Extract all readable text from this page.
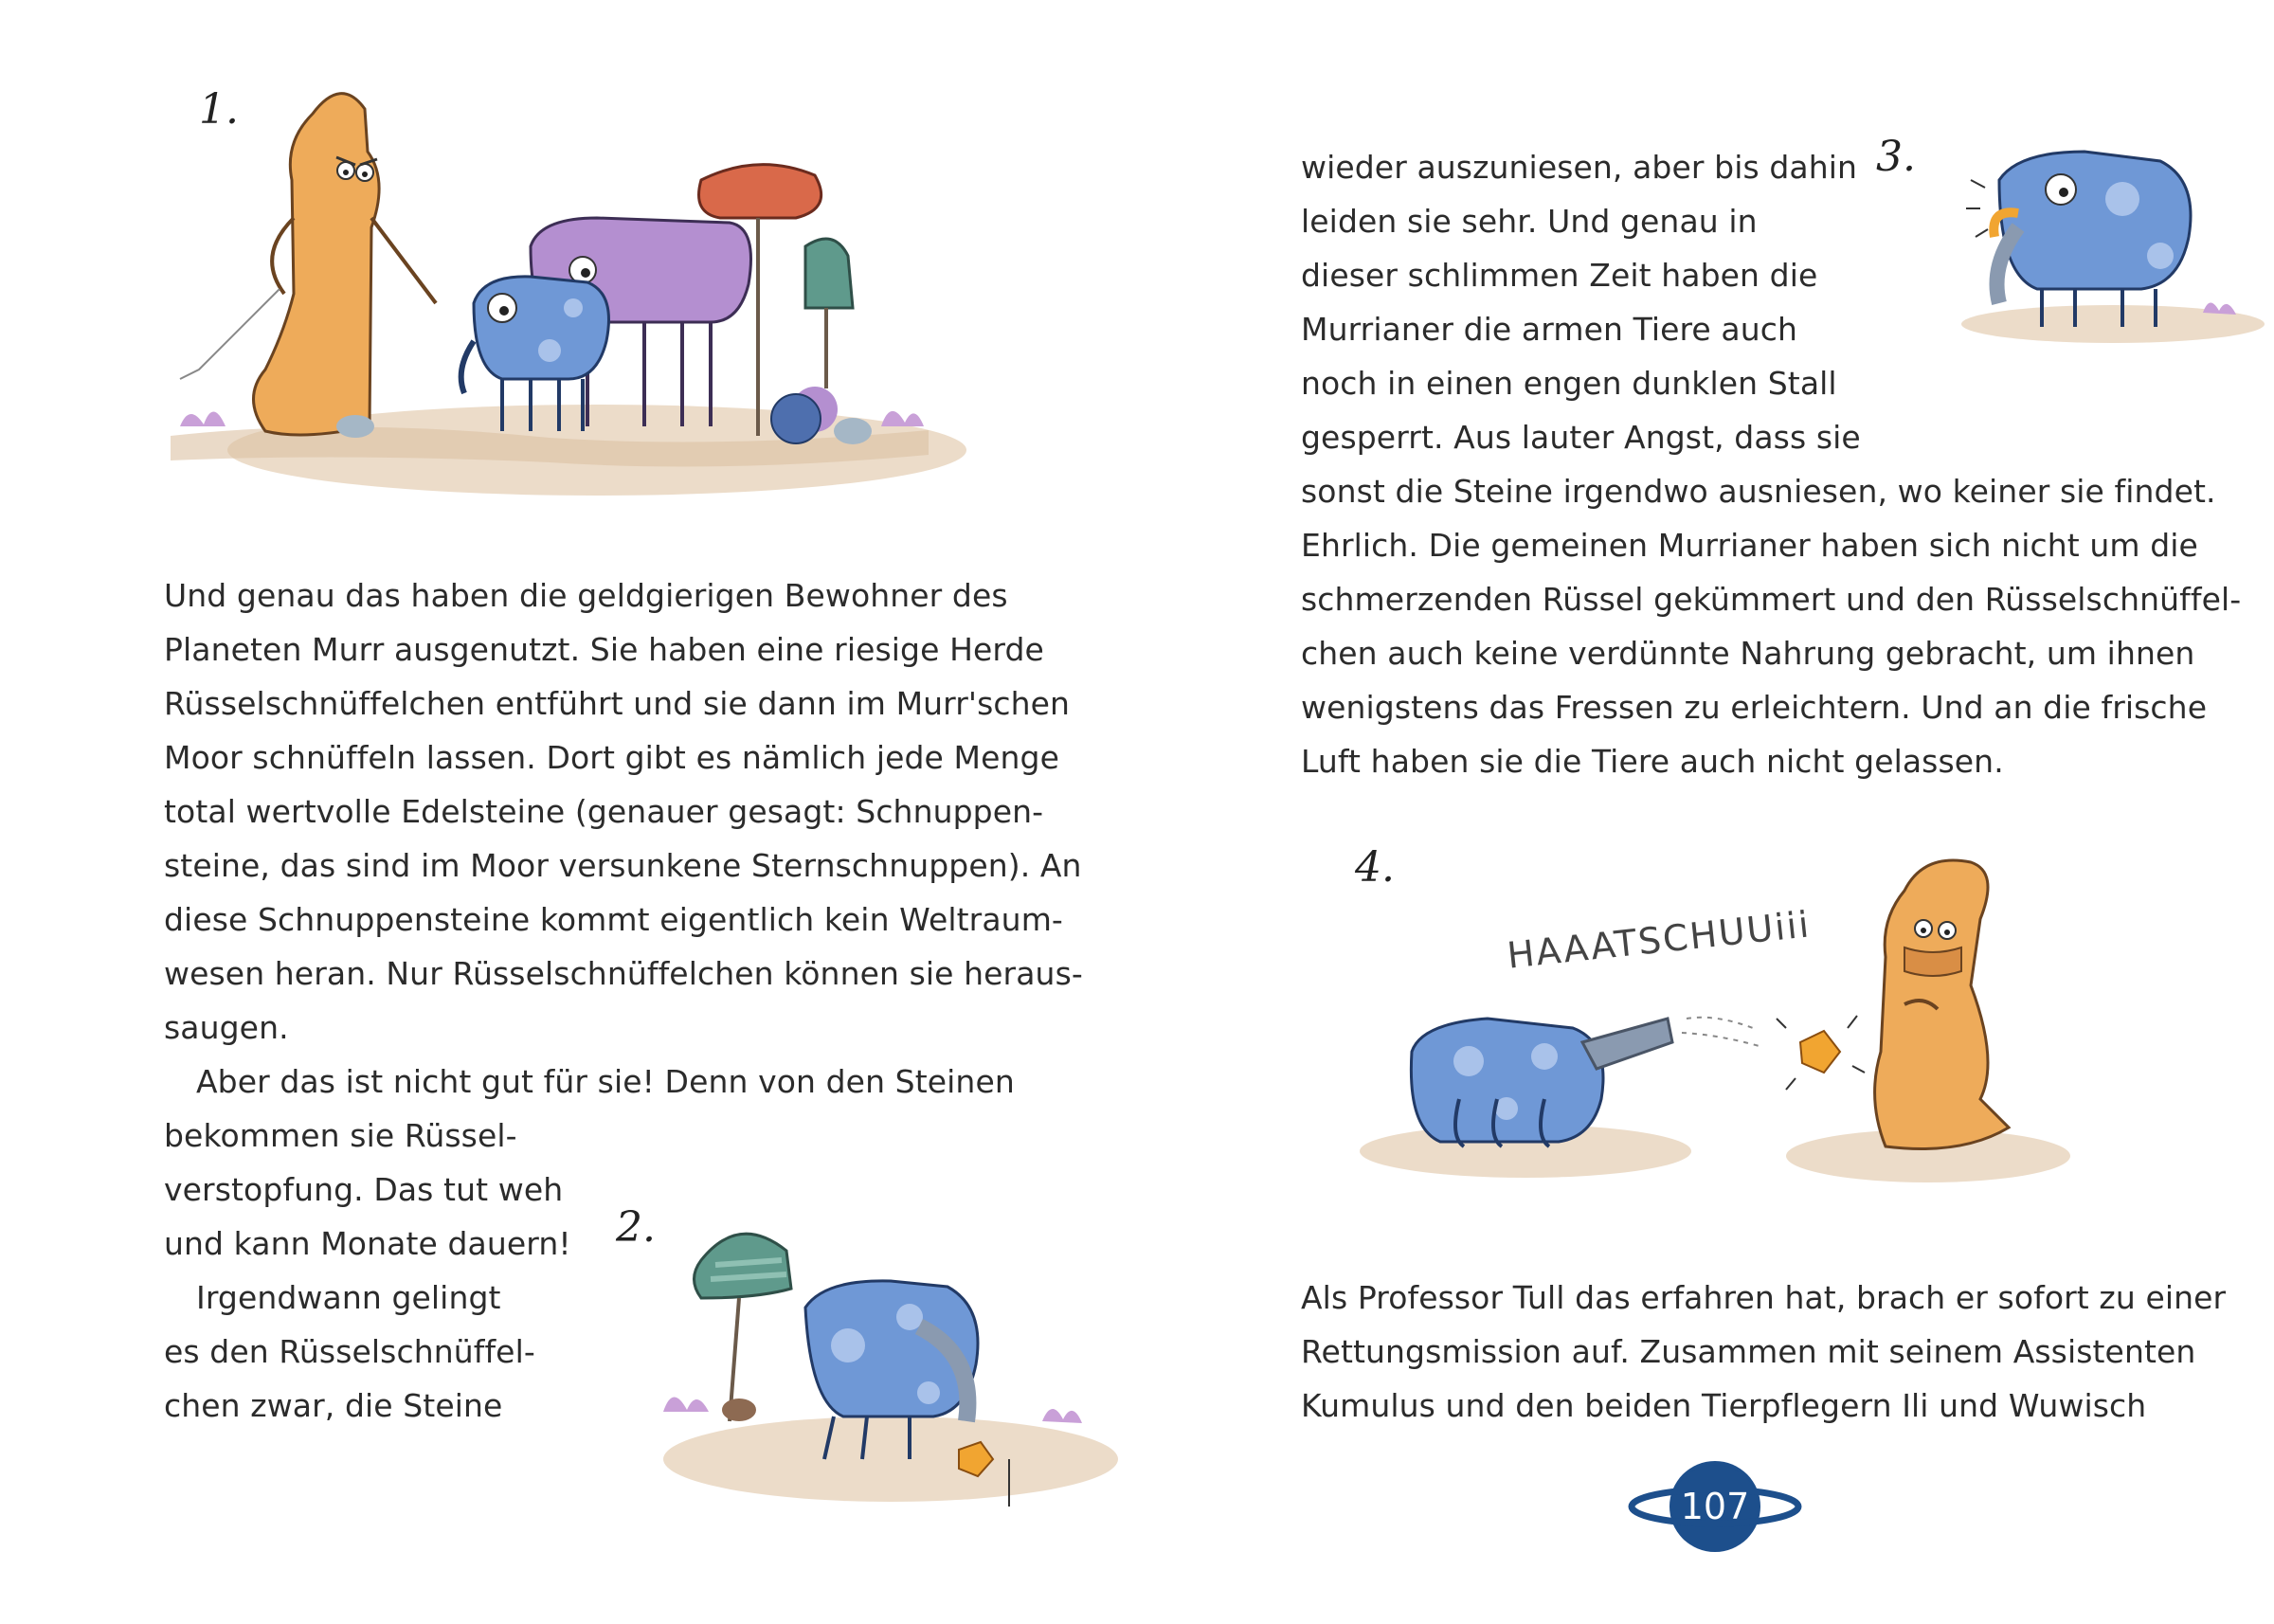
1.
Und genau das haben die geldgierigen Bewohner des
Planeten Murr ausgenutzt. Sie haben eine riesige Herde
Rüsselschnüffelchen entführt und sie dann im Murr'schen
Moor schnüffeln lassen. Dort gibt es nämlich jede Menge
total wertvolle Edelsteine (genauer gesagt: Schnuppen-
steine, das sind im Moor versunkene Sternschnuppen). An
diese Schnuppensteine kommt eigentlich kein Weltraum-
wesen heran. Nur Rüsselschnüffelchen können sie heraus-
saugen.
Aber das ist nicht gut für sie! Denn von den Steinen
bekommen sie Rüssel-
verstopfung. Das tut weh
und kann Monate dauern!
Irgendwann gelingt
es den Rüsselschnüffel-
chen zwar, die Steine
2.
wieder auszuniesen, aber bis dahin
leiden sie sehr. Und genau in
dieser schlimmen Zeit haben die
Murrianer die armen Tiere auch
noch in einen engen dunklen Stall
gesperrt. Aus lauter Angst, dass sie
sonst die Steine irgendwo ausniesen, wo keiner sie findet.
Ehrlich. Die gemeinen Murrianer haben sich nicht um die
schmerzenden Rüssel gekümmert und den Rüsselschnüffel-
chen auch keine verdünnte Nahrung gebracht, um ihnen
wenigstens das Fressen zu erleichtern. Und an die frische
Luft haben sie die Tiere auch nicht gelassen.
3.
4.
HAAATSCHUUiii
Als Professor Tull das erfahren hat, brach er sofort zu einer
Rettungsmission auf. Zusammen mit seinem Assistenten
Kumulus und den beiden Tierpflegern Ili und Wuwisch
107
